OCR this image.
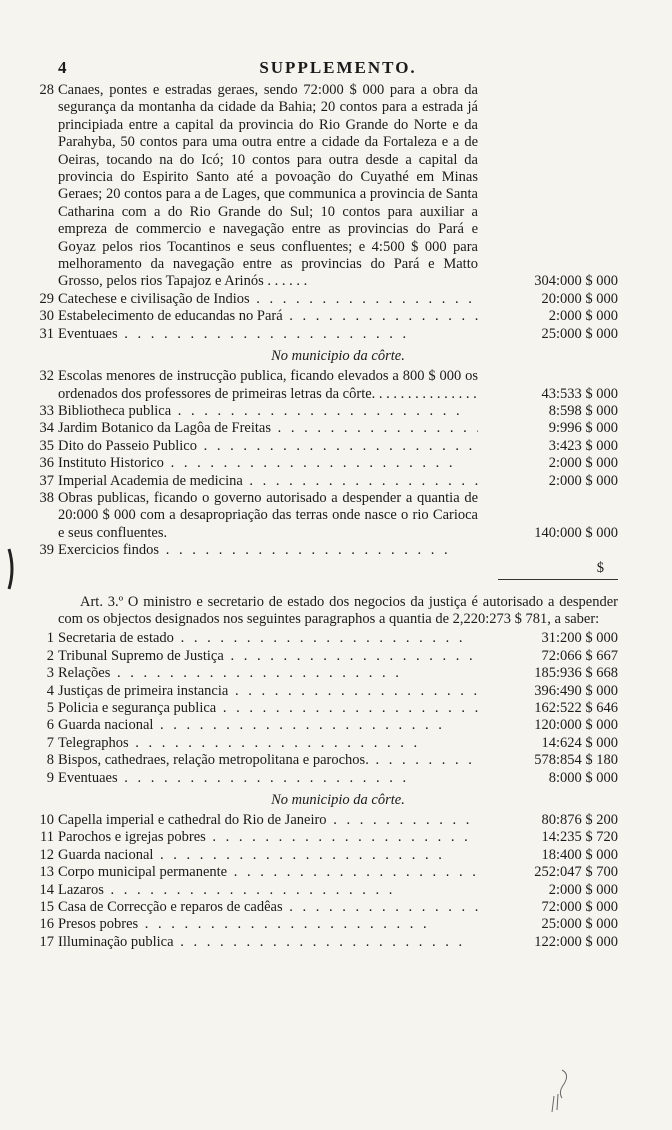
4	SUPPLEMENTO.
28 Canaes, pontes e estradas geraes, sendo 72:000 $ 000 para a obra da segurança da montanha da cidade da Bahia; 20 contos para a estrada já principiada entre a capital da provincia do Rio Grande do Norte e da Parahyba, 50 contos para uma outra entre a cidade da Fortaleza e a de Oeiras, tocando na do Icó; 10 contos para outra desde a capital da provincia do Espirito Santo até a povoação do Cuyathé em Minas Geraes; 20 contos para a de Lages, que communica a provincia de Santa Catharina com a do Rio Grande do Sul; 10 contos para auxiliar a empreza de commercio e navegação entre as provincias do Pará e Goyaz pelos rios Tocantinos e seus confluentes; e 4:500 $ 000 para melhoramento da navegação entre as provincias do Pará e Matto Grosso, pelos rios Tapajoz e Arinós . . . . . .	304:000 $ 000
29 Catechese e civilisação de Indios . . .	20:000 $ 000
30 Estabelecimento de educandas no Pará . . .	2:000 $ 000
31 Eventuaes . . .	25:000 $ 000
No municipio da côrte.
32 Escolas menores de instrucção publica, ficando elevados a 800 $ 000 os ordenados dos professores de primeiras letras da côrte. . . . . . . . . . . . . . .	43:533 $ 000
33 Bibliotheca publica . . .	8:598 $ 000
34 Jardim Botanico da Lagôa de Freitas . . .	9:996 $ 000
35 Dito do Passeio Publico . . .	3:423 $ 000
36 Instituto Historico . . .	2:000 $ 000
37 Imperial Academia de medicina . . .	2:000 $ 000
38 Obras publicas, ficando o governo autorisado a despender a quantia de 20:000 $ 000 com a desapropriação das terras onde nasce o rio Carioca e seus confluentes.	140:000 $ 000
39 Exercicios findos . . .
$
Art. 3.º O ministro e secretario de estado dos negocios da justiça é autorisado a despender com os objectos designados nos seguintes paragraphos a quantia de 2,220:273 $ 781, a saber:
1 Secretaria de estado . . .	31:200 $ 000
2 Tribunal Supremo de Justiça . . .	72:066 $ 667
3 Relações . . .	185:936 $ 668
4 Justiças de primeira instancia . . .	396:490 $ 000
5 Policia e segurança publica . . .	162:522 $ 646
6 Guarda nacional . . .	120:000 $ 000
7 Telegraphos . . .	14:624 $ 000
8 Bispos, cathedraes, relação metropolitana e parochos. . . .	578:854 $ 180
9 Eventuaes . . .	8:000 $ 000
No municipio da côrte.
10 Capella imperial e cathedral do Rio de Janeiro . . .	80:876 $ 200
11 Parochos e igrejas pobres . . .	14:235 $ 720
12 Guarda nacional . . .	18:400 $ 000
13 Corpo municipal permanente . . .	252:047 $ 700
14 Lazaros . . .	2:000 $ 000
15 Casa de Correcção e reparos de cadêas . . .	72:000 $ 000
16 Presos pobres . . .	25:000 $ 000
17 Illuminação publica . . .	122:000 $ 000
